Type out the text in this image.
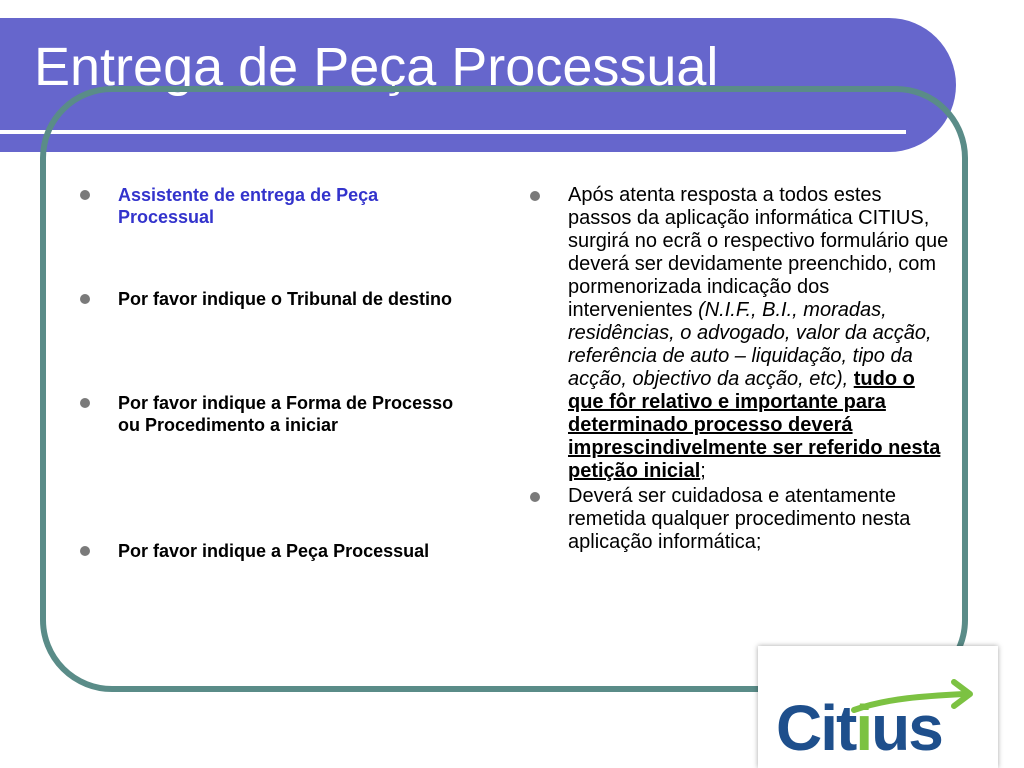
Entrega de Peça Processual
Assistente de entrega de Peça Processual
Por favor indique o Tribunal de destino
Por favor indique a Forma de Processo ou Procedimento a iniciar
Por favor indique a Peça Processual
Após atenta resposta a todos estes passos da aplicação informática CITIUS, surgirá no ecrã o respectivo formulário que deverá ser devidamente preenchido, com pormenorizada indicação dos intervenientes (N.I.F., B.I., moradas, residências, o advogado, valor da acção, referência de auto – liquidação, tipo da acção, objectivo da acção, etc), tudo o que fôr relativo e importante para determinado processo deverá imprescindivelmente ser referido nesta petição inicial;
Deverá ser cuidadosa e atentamente remetida qualquer procedimento nesta aplicação informática;
Citius
